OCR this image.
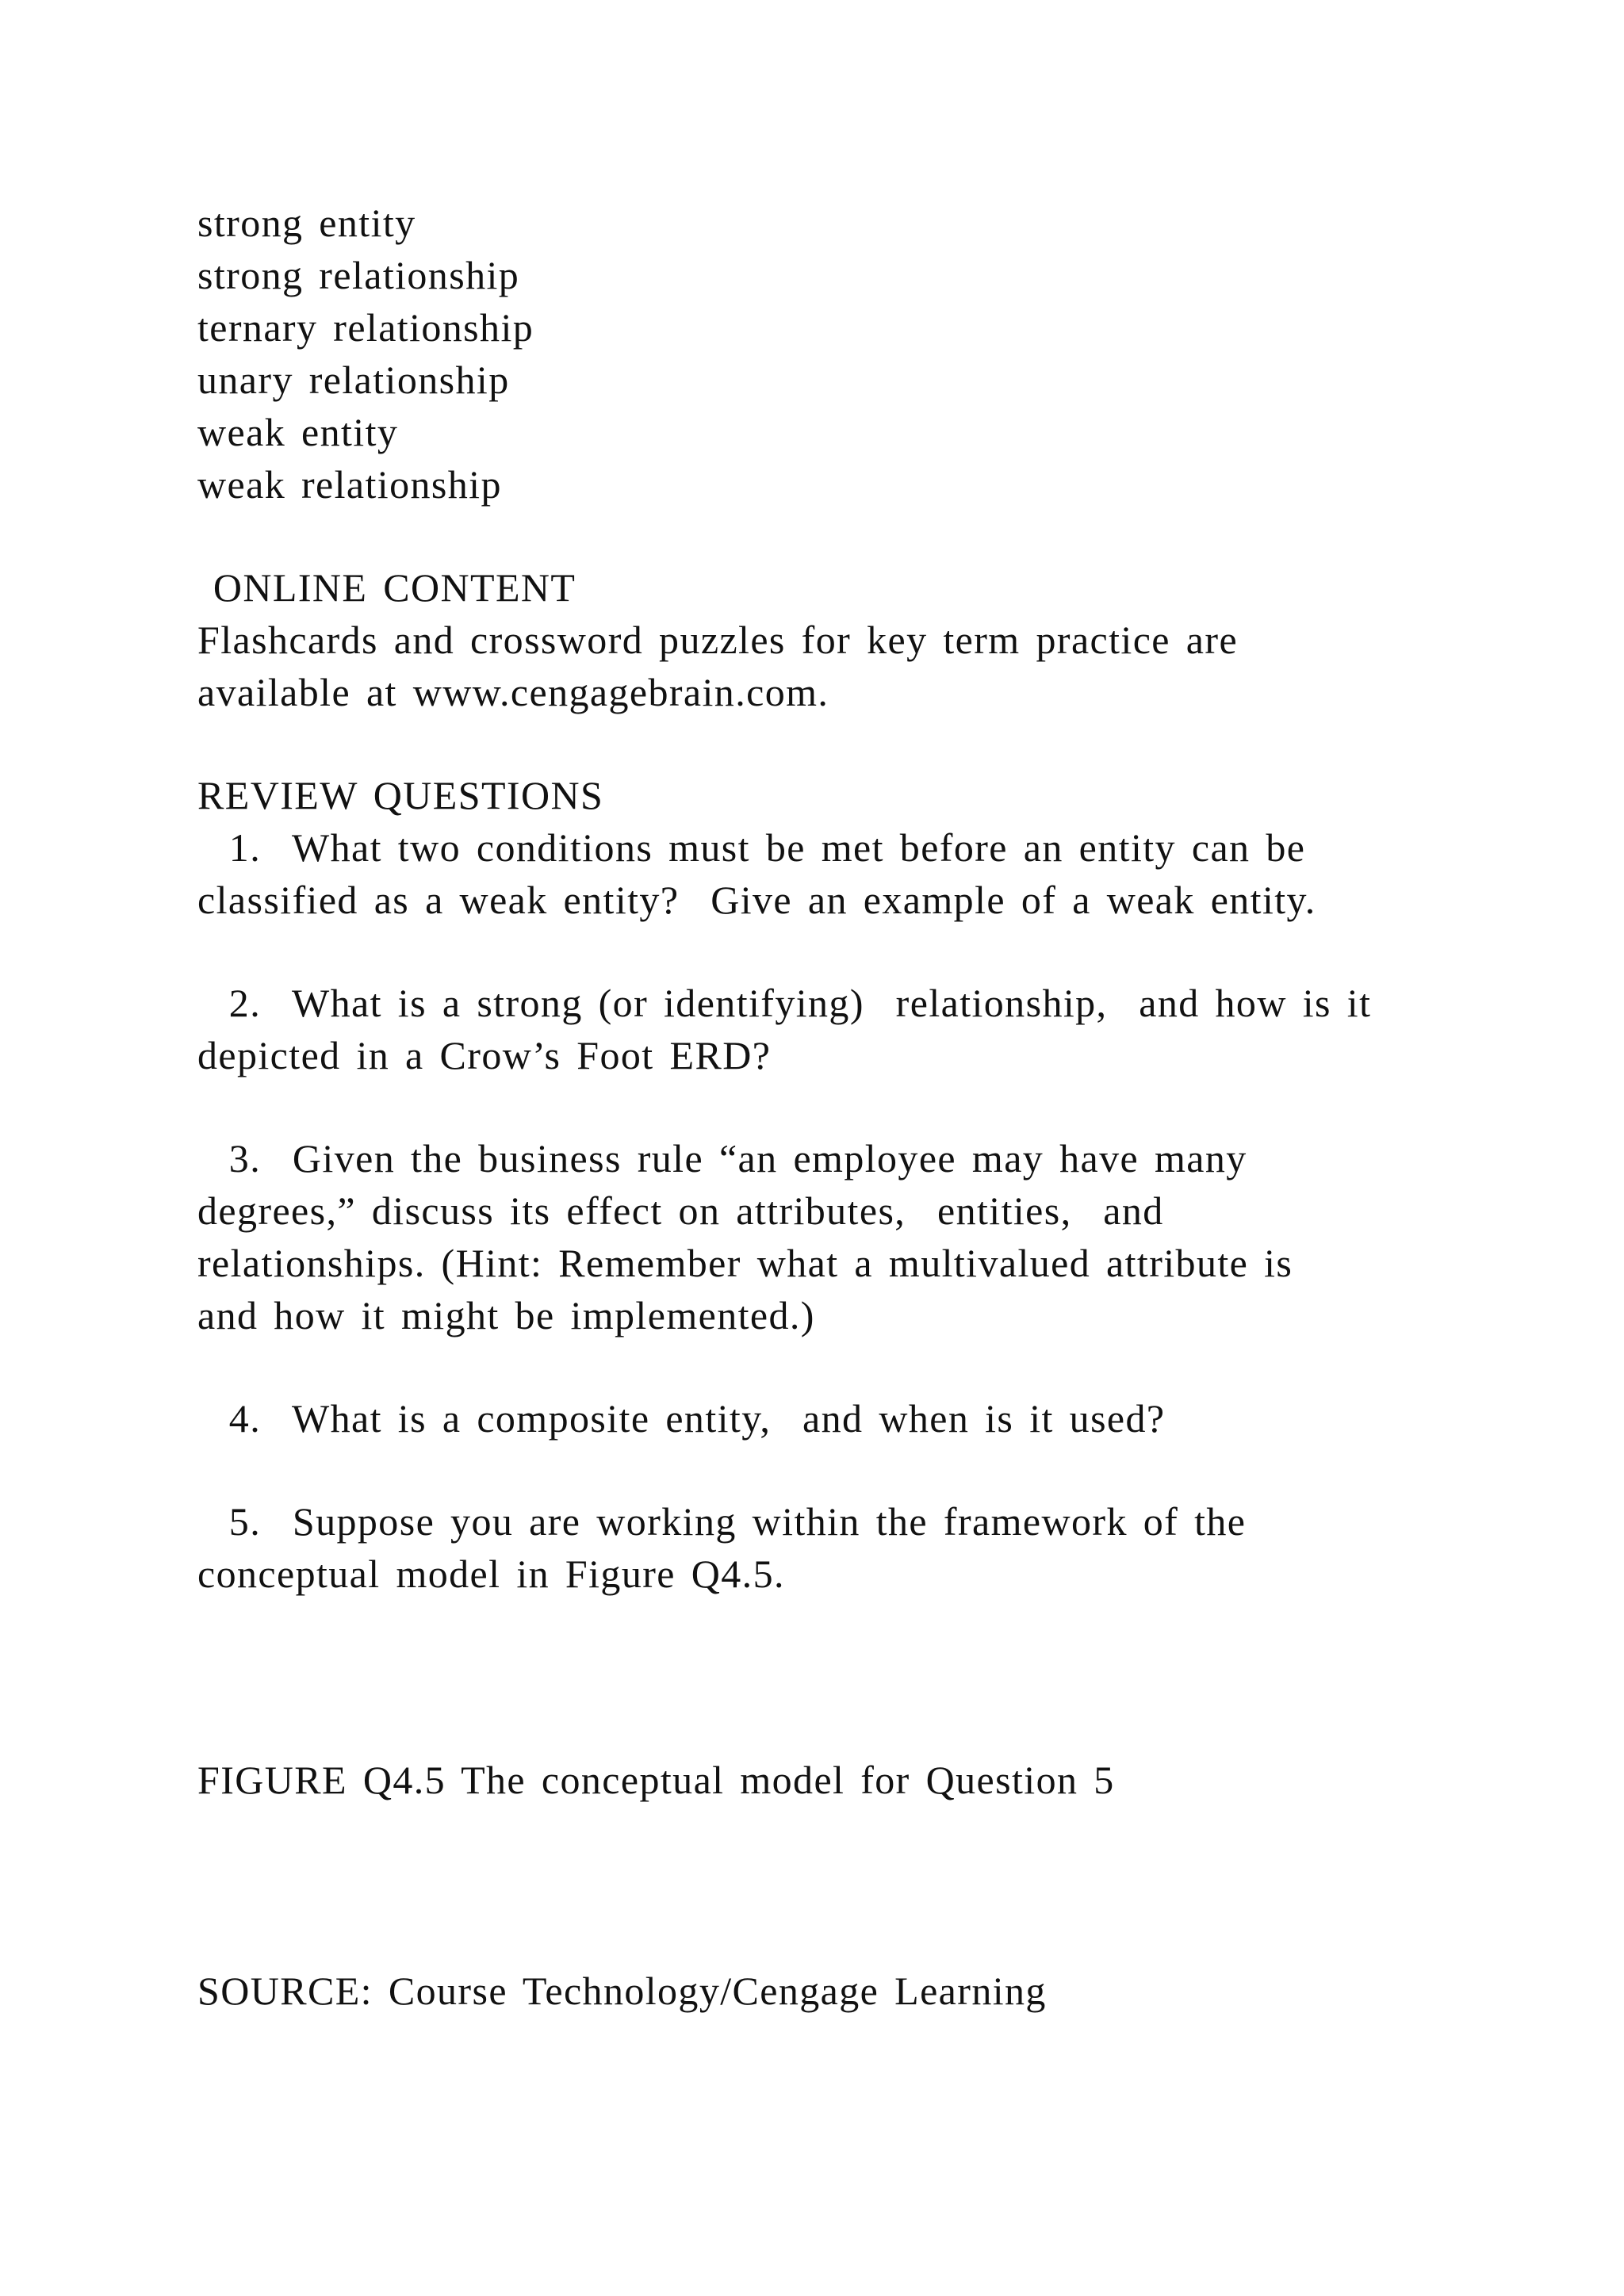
strong entity

strong relationship

ternary relationship

unary relationship

weak entity

weak relationship

ONLINE CONTENT

Flashcards and crossword puzzles for key term practice are

available at www.cengagebrain.com.

REVIEW QUESTIONS

1.  What two conditions must be met before an entity can be

classified as a weak entity?  Give an example of a weak entity.

2.  What is a strong (or identifying)  relationship,  and how is it

depicted in a Crow’s Foot ERD?

3.  Given the business rule “an employee may have many

degrees,” discuss its effect on attributes,  entities,  and

relationships. (Hint: Remember what a multivalued attribute is

and how it might be implemented.)

4.  What is a composite entity,  and when is it used?

5.  Suppose you are working within the framework of the

conceptual model in Figure Q4.5.

FIGURE Q4.5 The conceptual model for Question 5

SOURCE: Course Technology/Cengage Learning
